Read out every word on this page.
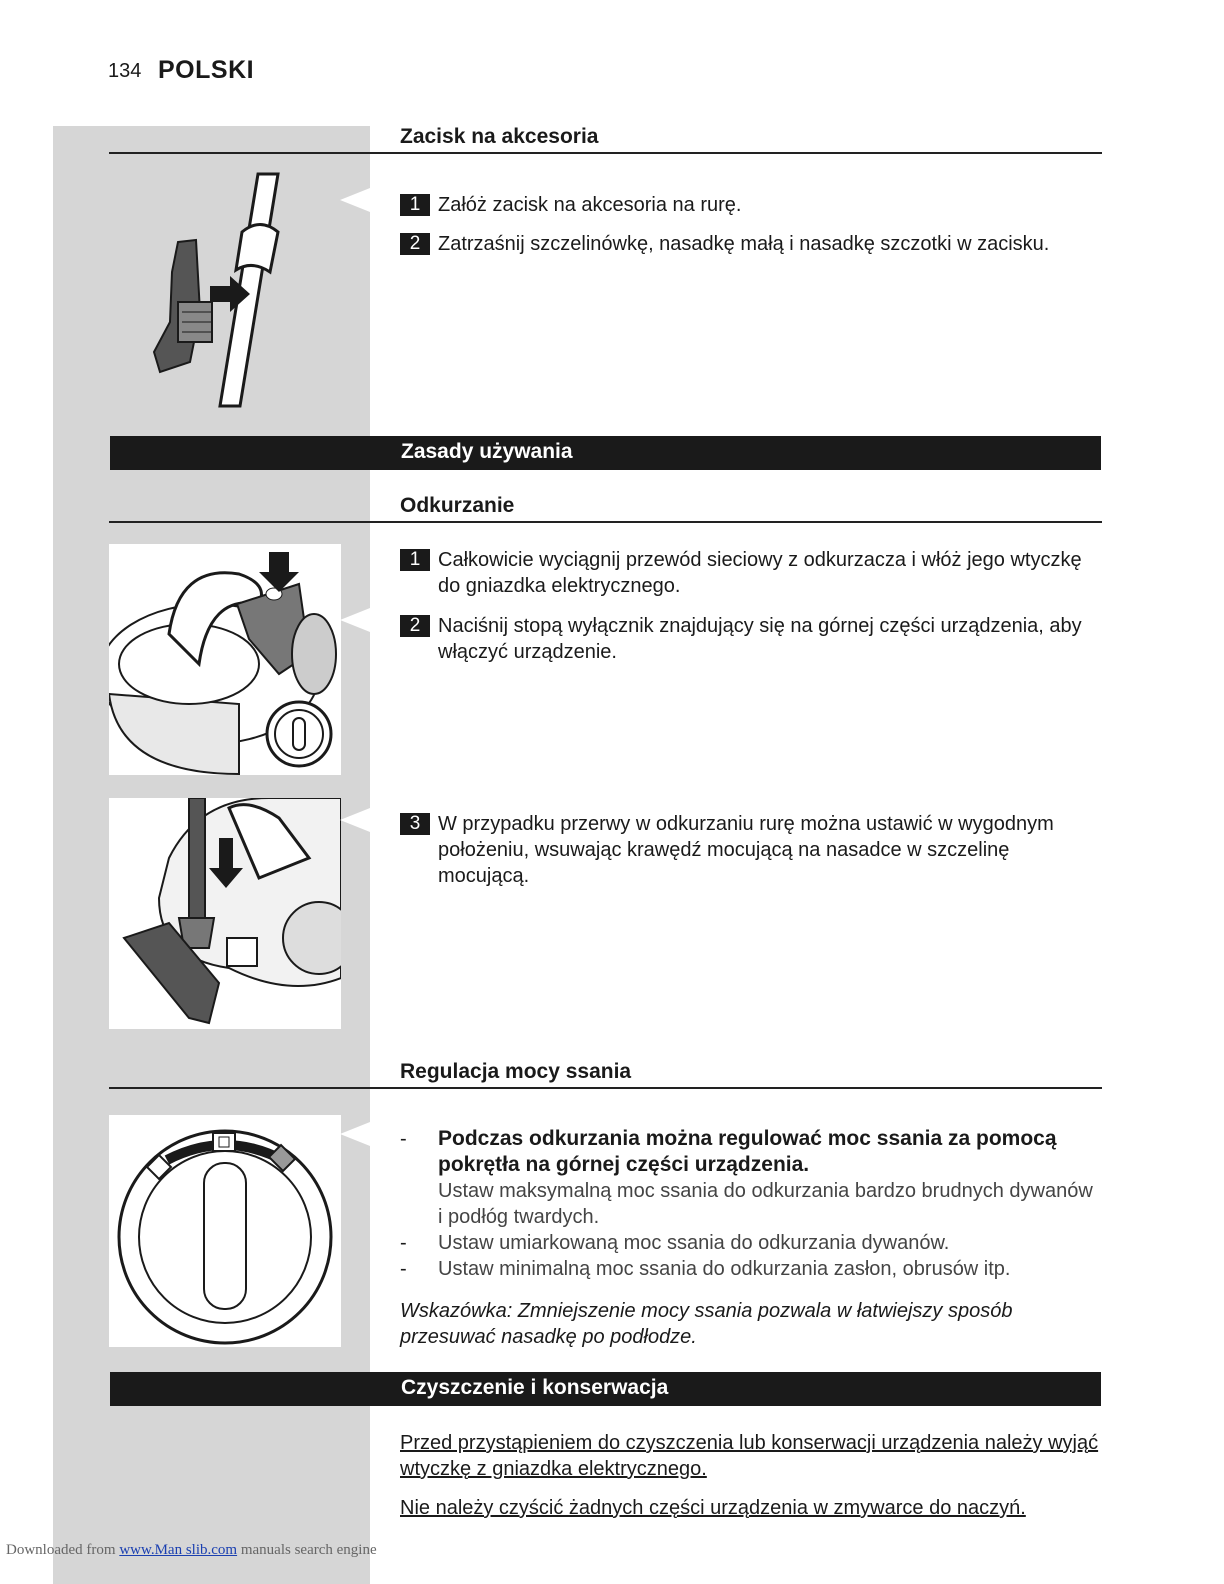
134 POLSKI
Zacisk na akcesoria
1 Załóż zacisk na akcesoria na rurę.
2 Zatrzaśnij szczelinówkę, nasadkę małą i nasadkę szczotki w zacisku.
Zasady używania
Odkurzanie
1 Całkowicie wyciągnij przewód sieciowy z odkurzacza i włóż jego wtyczkę do gniazdka elektrycznego.
2 Naciśnij stopą wyłącznik znajdujący się na górnej części urządzenia, aby włączyć urządzenie.
3 W przypadku przerwy w odkurzaniu rurę można ustawić w wygodnym położeniu, wsuwając krawędź mocującą na nasadce w szczelinę mocującą.
Regulacja mocy ssania
- Podczas odkurzania można regulować moc ssania za pomocą pokrętła na górnej części urządzenia.
Ustaw maksymalną moc ssania do odkurzania bardzo brudnych dywanów i podłóg twardych.
- Ustaw umiarkowaną moc ssania do odkurzania dywanów.
- Ustaw minimalną moc ssania do odkurzania zasłon, obrusów itp.
Wskazówka: Zmniejszenie mocy ssania pozwala w łatwiejszy sposób przesuwać nasadkę po podłodze.
Czyszczenie i konserwacja
Przed przystąpieniem do czyszczenia lub konserwacji urządzenia należy wyjąć wtyczkę z gniazdka elektrycznego.
Nie należy czyścić żadnych części urządzenia w zmywarce do naczyń.
Downloaded from www.Man slib.com manuals search engine
